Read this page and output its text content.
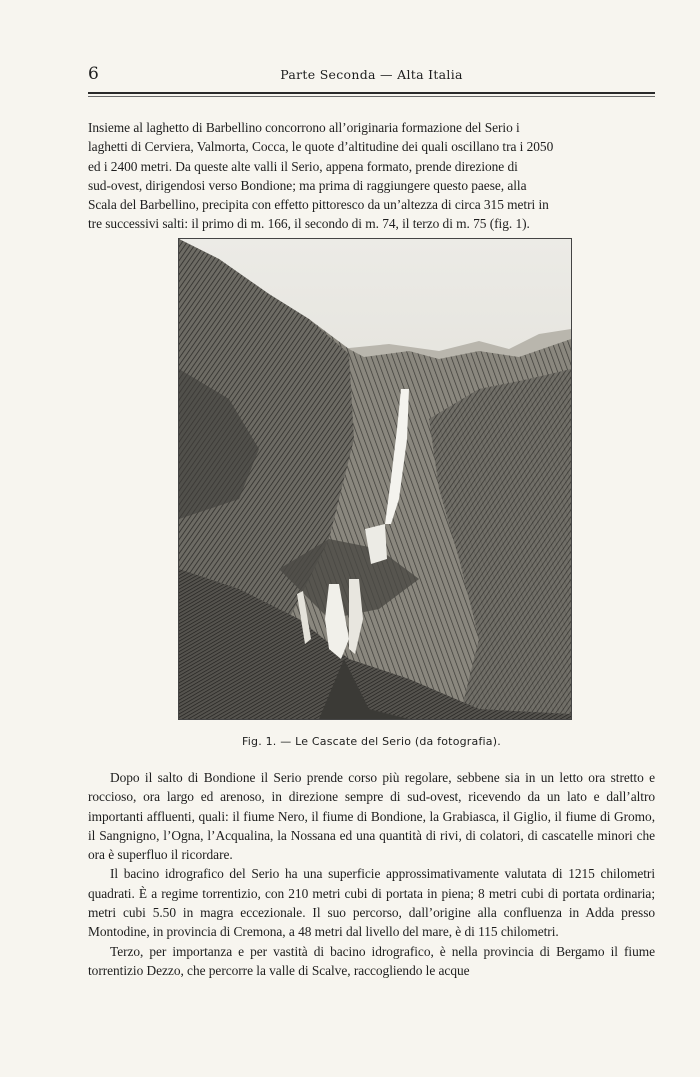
6	Parte Seconda — Alta Italia
Insieme al laghetto di Barbellino concorrono all’originaria formazione del Serio i
laghetti di Cerviera, Valmorta, Cocca, le quote d’altitudine dei quali oscillano tra i 2050
ed i 2400 metri. Da queste alte valli il Serio, appena formato, prende direzione di
sud-ovest, dirigendosi verso Bondione; ma prima di raggiungere questo paese, alla
Scala del Barbellino, precipita con effetto pittoresco da un’altezza di circa 315 metri in
tre successivi salti: il primo di m. 166, il secondo di m. 74, il terzo di m. 75 (fig. 1).
Fig. 1. — Le Cascate del Serio (da fotografia).

Dopo il salto di Bondione il Serio prende corso più regolare, sebbene sia in un letto ora stretto e roccioso, ora largo ed arenoso, in direzione sempre di sud-ovest, ricevendo da un lato e dall’altro importanti affluenti, quali: il fiume Nero, il fiume di Bondione, la Grabiasca, il Giglio, il fiume di Gromo, il Sangnigno, l’Ogna, l’Acqualina, la Nossana ed una quantità di rivi, di colatori, di cascatelle minori che ora è superfluo il ricordare.

Il bacino idrografico del Serio ha una superficie approssimativamente valutata di 1215 chilometri quadrati. È a regime torrentizio, con 210 metri cubi di portata in piena; 8 metri cubi di portata ordinaria; metri cubi 5.50 in magra eccezionale. Il suo percorso, dall’origine alla confluenza in Adda presso Montodine, in provincia di Cremona, a 48 metri dal livello del mare, è di 115 chilometri.

Terzo, per importanza e per vastità di bacino idrografico, è nella provincia di Bergamo il fiume torrentizio Dezzo, che percorre la valle di Scalve, raccogliendo le acque
